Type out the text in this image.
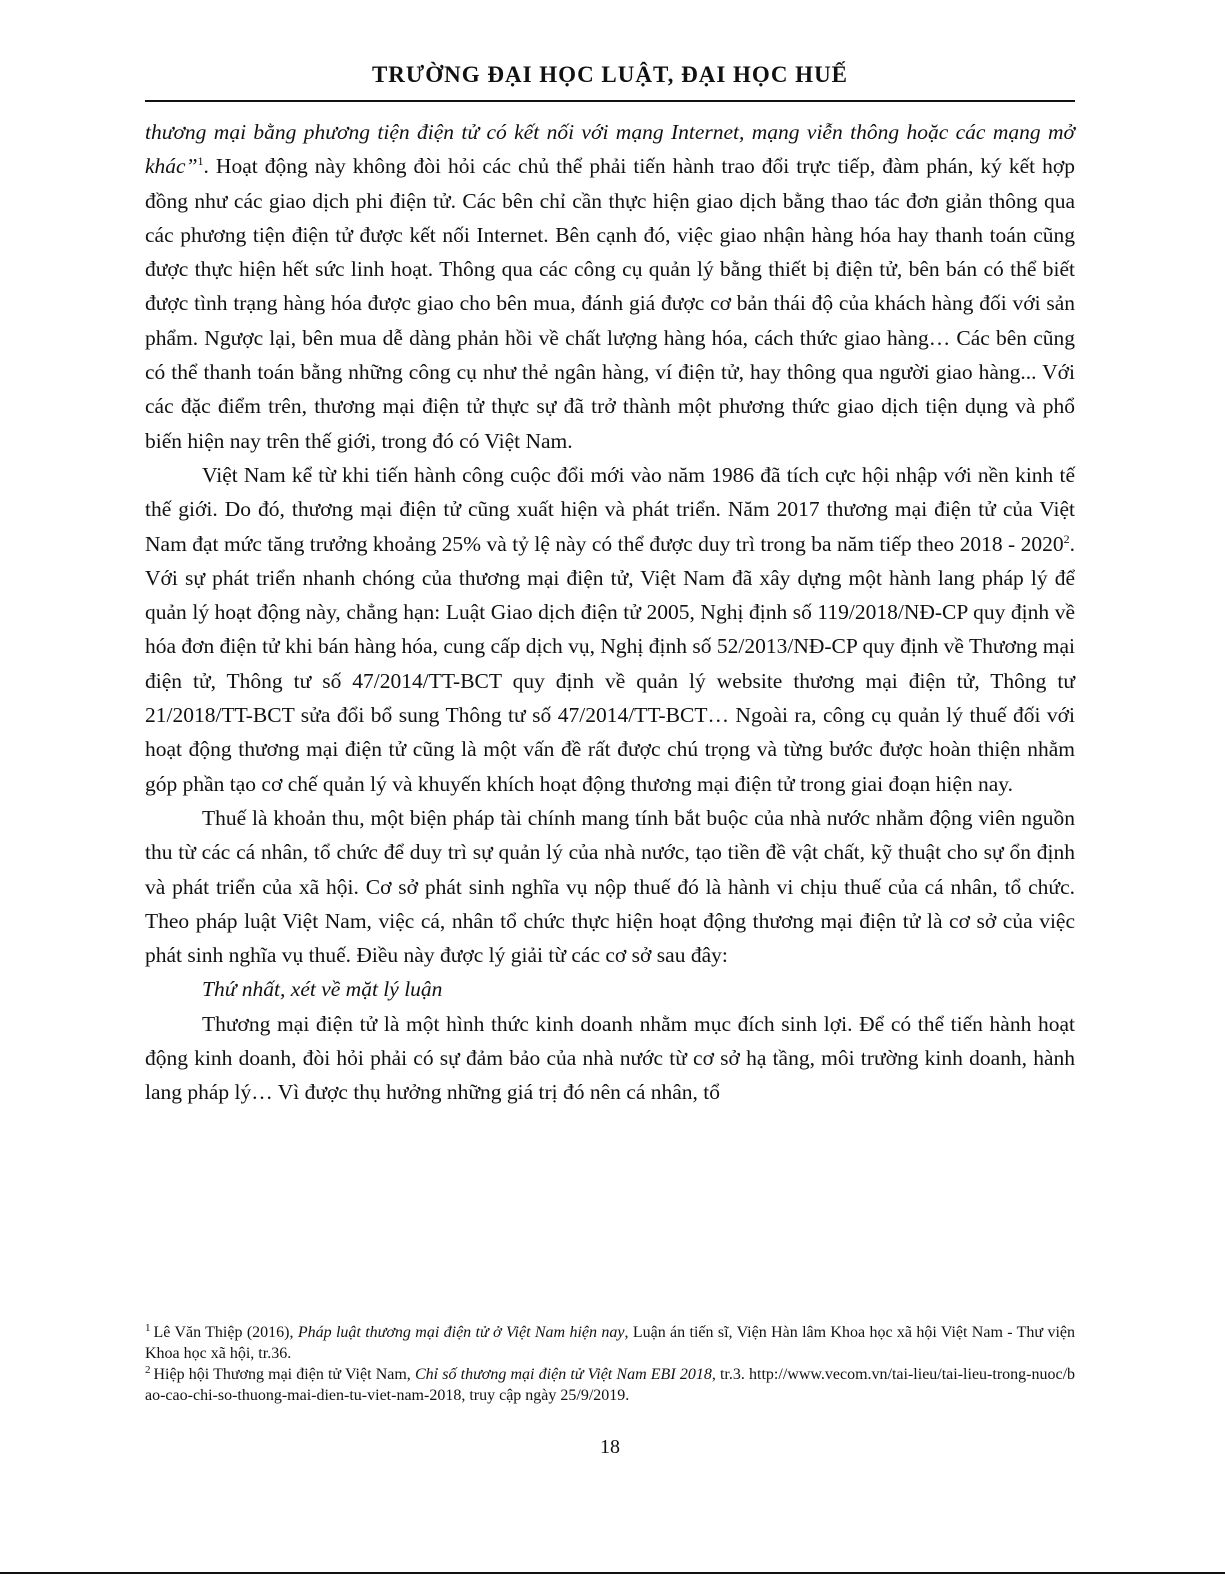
TRƯỜNG ĐẠI HỌC LUẬT, ĐẠI HỌC HUẾ

thương mại bằng phương tiện điện tử có kết nối với mạng Internet, mạng viễn thông hoặc các mạng mở khác”$^1$. Hoạt động này không đòi hỏi các chủ thể phải tiến hành trao đổi trực tiếp, đàm phán, ký kết hợp đồng như các giao dịch phi điện tử. Các bên chỉ cần thực hiện giao dịch bằng thao tác đơn giản thông qua các phương tiện điện tử được kết nối Internet. Bên cạnh đó, việc giao nhận hàng hóa hay thanh toán cũng được thực hiện hết sức linh hoạt. Thông qua các công cụ quản lý bằng thiết bị điện tử, bên bán có thể biết được tình trạng hàng hóa được giao cho bên mua, đánh giá được cơ bản thái độ của khách hàng đối với sản phẩm. Ngược lại, bên mua dễ dàng phản hồi về chất lượng hàng hóa, cách thức giao hàng… Các bên cũng có thể thanh toán bằng những công cụ như thẻ ngân hàng, ví điện tử, hay thông qua người giao hàng... Với các đặc điểm trên, thương mại điện tử thực sự đã trở thành một phương thức giao dịch tiện dụng và phổ biến hiện nay trên thế giới, trong đó có Việt Nam.

Việt Nam kể từ khi tiến hành công cuộc đổi mới vào năm 1986 đã tích cực hội nhập với nền kinh tế thế giới. Do đó, thương mại điện tử cũng xuất hiện và phát triển. Năm 2017 thương mại điện tử của Việt Nam đạt mức tăng trưởng khoảng 25% và tỷ lệ này có thể được duy trì trong ba năm tiếp theo 2018 - 2020$^2$. Với sự phát triển nhanh chóng của thương mại điện tử, Việt Nam đã xây dựng một hành lang pháp lý để quản lý hoạt động này, chẳng hạn: Luật Giao dịch điện tử 2005, Nghị định số 119/2018/NĐ-CP quy định về hóa đơn điện tử khi bán hàng hóa, cung cấp dịch vụ, Nghị định số 52/2013/NĐ-CP quy định về Thương mại điện tử, Thông tư số 47/2014/TT-BCT quy định về quản lý website thương mại điện tử, Thông tư 21/2018/TT-BCT sửa đổi bổ sung Thông tư số 47/2014/TT-BCT… Ngoài ra, công cụ quản lý thuế đối với hoạt động thương mại điện tử cũng là một vấn đề rất được chú trọng và từng bước được hoàn thiện nhằm góp phần tạo cơ chế quản lý và khuyến khích hoạt động thương mại điện tử trong giai đoạn hiện nay.

Thuế là khoản thu, một biện pháp tài chính mang tính bắt buộc của nhà nước nhằm động viên nguồn thu từ các cá nhân, tổ chức để duy trì sự quản lý của nhà nước, tạo tiền đề vật chất, kỹ thuật cho sự ổn định và phát triển của xã hội. Cơ sở phát sinh nghĩa vụ nộp thuế đó là hành vi chịu thuế của cá nhân, tổ chức. Theo pháp luật Việt Nam, việc cá, nhân tổ chức thực hiện hoạt động thương mại điện tử là cơ sở của việc phát sinh nghĩa vụ thuế. Điều này được lý giải từ các cơ sở sau đây:

Thứ nhất, xét về mặt lý luận

Thương mại điện tử là một hình thức kinh doanh nhằm mục đích sinh lợi. Để có thể tiến hành hoạt động kinh doanh, đòi hỏi phải có sự đảm bảo của nhà nước từ cơ sở hạ tầng, môi trường kinh doanh, hành lang pháp lý… Vì được thụ hưởng những giá trị đó nên cá nhân, tổ

$^1$ Lê Văn Thiệp (2016), Pháp luật thương mại điện tử ở Việt Nam hiện nay, Luận án tiến sĩ, Viện Hàn lâm Khoa học xã hội Việt Nam - Thư viện Khoa học xã hội, tr.36.

$^2$ Hiệp hội Thương mại điện tử Việt Nam, Chỉ số thương mại điện tử Việt Nam EBI 2018, tr.3. http://www.vecom.vn/tai-lieu/tai-lieu-trong-nuoc/bao-cao-chi-so-thuong-mai-dien-tu-viet-nam-2018, truy cập ngày 25/9/2019.

18
